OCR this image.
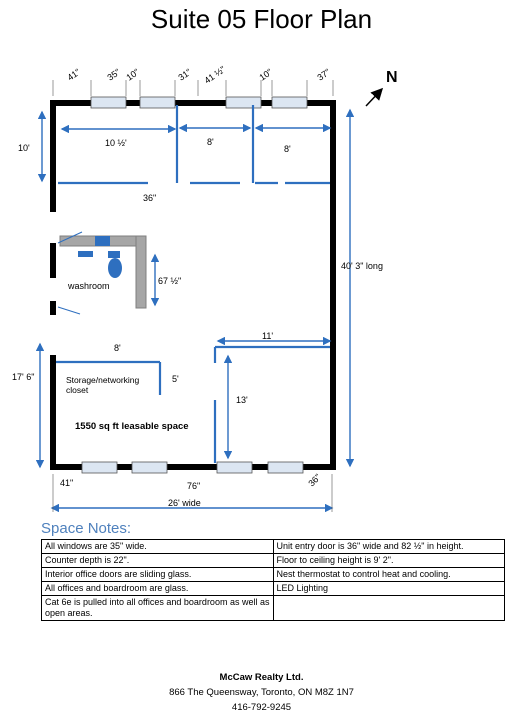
Suite 05 Floor Plan
N
41"	35" 10"	31" 41 ½"	10"	37"
10'	10 ½'	8'
8'
36"
67 ½"
washroom
8'
5'
Storage/networking
closet
17' 6"
40' 3" long
11'
13'
1550 sq ft leasable space
41"	76"	36"
26' wide
Space Notes:
All windows are 35" wide.	Unit entry door is 36" wide and 82 ½" in height.
Counter depth is 22".	Floor to ceiling height is 9' 2".
Interior office doors are sliding glass.	Nest thermostat to control heat and cooling.
All offices and boardroom are glass.	LED Lighting
Cat 6e is pulled into all offices and boardroom as well as open areas.	
McCaw Realty Ltd.
866 The Queensway, Toronto, ON M8Z 1N7
416-792-9245
